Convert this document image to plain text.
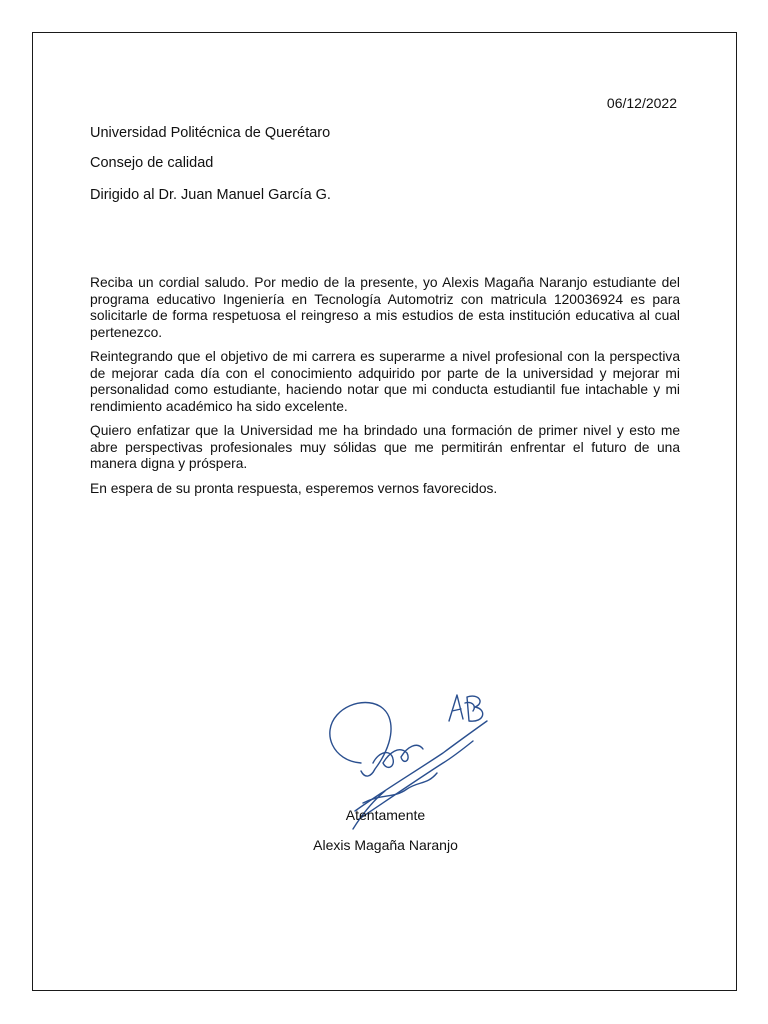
06/12/2022
Universidad Politécnica de Querétaro
Consejo de calidad
Dirigido al Dr. Juan Manuel García G.

Reciba un cordial saludo. Por medio de la presente, yo Alexis Magaña Naranjo estudiante del programa educativo Ingeniería en Tecnología Automotriz con matricula 120036924 es para solicitarle de forma respetuosa el reingreso a mis estudios de esta institución educativa al cual pertenezco.

Reintegrando que el objetivo de mi carrera es superarme a nivel profesional con la perspectiva de mejorar cada día con el conocimiento adquirido por parte de la universidad y mejorar mi personalidad como estudiante, haciendo notar que mi conducta estudiantil fue intachable y mi rendimiento académico ha sido excelente.

Quiero enfatizar que la Universidad me ha brindado una formación de primer nivel y esto me abre perspectivas profesionales muy sólidas que me permitirán enfrentar el futuro de una manera digna y próspera.

En espera de su pronta respuesta, esperemos vernos favorecidos.

Atentamente
Alexis Magaña Naranjo
